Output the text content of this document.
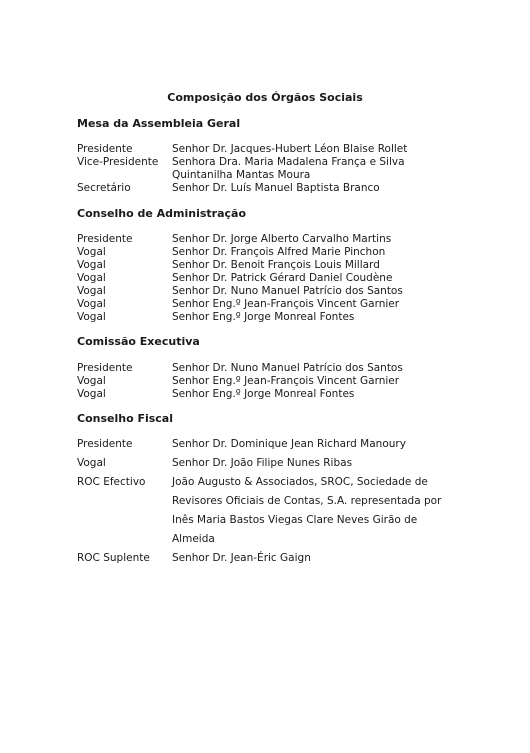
Composição dos Órgãos Sociais
Mesa da Assembleia Geral
Presidente	Senhor Dr. Jacques-Hubert Léon Blaise Rollet
Vice-Presidente	Senhora Dra. Maria Madalena França e Silva Quintanilha Mantas Moura
Secretário	Senhor Dr. Luís Manuel Baptista Branco
Conselho de Administração
Presidente	Senhor Dr. Jorge Alberto Carvalho Martins
Vogal	Senhor Dr. François Alfred Marie Pinchon
Vogal	Senhor Dr. Benoit François Louis Millard
Vogal	Senhor Dr. Patrick Gérard Daniel Coudène
Vogal	Senhor Dr. Nuno Manuel Patrício dos Santos
Vogal	Senhor Eng.º Jean-François Vincent Garnier
Vogal	Senhor Eng.º Jorge Monreal Fontes
Comissão Executiva
Presidente	Senhor Dr. Nuno Manuel Patrício dos Santos
Vogal	Senhor Eng.º Jean-François Vincent Garnier
Vogal	Senhor Eng.º Jorge Monreal Fontes
Conselho Fiscal
Presidente	Senhor Dr. Dominique Jean Richard Manoury
Vogal	Senhor Dr. João Filipe Nunes Ribas
ROC Efectivo	João Augusto & Associados, SROC, Sociedade de Revisores Oficiais de Contas, S.A. representada por Inês Maria Bastos Viegas Clare Neves Girão de Almeida
ROC Suplente	Senhor Dr. Jean-Éric Gaign
